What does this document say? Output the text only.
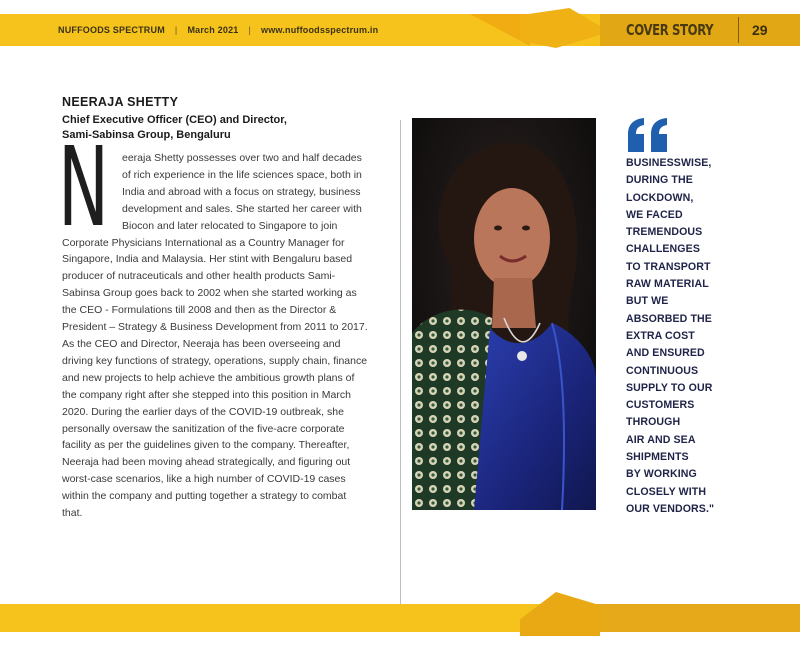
NUFFOODS SPECTRUM | March 2021 | www.nuffoodsspectrum.in	COVER STORY	29
NEERAJA SHETTY
Chief Executive Officer (CEO) and Director,
Sami-Sabinsa Group, Bengaluru
N	eeraja Shetty possesses over two and half decades of rich experience in the life sciences space, both in India and abroad with a focus on strategy, business development and sales. She started her career with Biocon and later relocated to Singapore to join Corporate Physicians International as a Country Manager for Singapore, India and Malaysia. Her stint with Bengaluru based producer of nutraceuticals and other health products Sami-Sabinsa Group goes back to 2002 when she started working as the CEO - Formulations till 2008 and then as the Director & President – Strategy & Business Development from 2011 to 2017. As the CEO and Director, Neeraja has been overseeing and driving key functions of strategy, operations, supply chain, finance and new projects to help achieve the ambitious growth plans of the company right after she stepped into this position in March 2020. During the earlier days of the COVID-19 outbreak, she personally oversaw the sanitization of the five-acre corporate facility as per the guidelines given to the company. Thereafter, Neeraja had been moving ahead strategically, and figuring out worst-case scenarios, like a high number of COVID-19 cases within the company and putting together a strategy to combat that.
BUSINESSWISE,
DURING THE
LOCKDOWN,
WE FACED
TREMENDOUS
CHALLENGES
TO TRANSPORT
RAW MATERIAL
BUT WE
ABSORBED THE
EXTRA COST
AND ENSURED
CONTINUOUS
SUPPLY TO OUR
CUSTOMERS
THROUGH
AIR AND SEA
SHIPMENTS
BY WORKING
CLOSELY WITH
OUR VENDORS."
